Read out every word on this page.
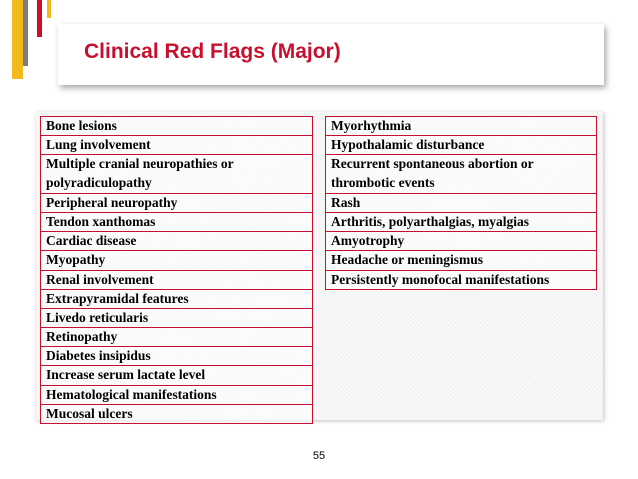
Clinical Red Flags (Major)
Bone lesions
Lung involvement
Multiple cranial neuropathies or
polyradiculopathy
Peripheral neuropathy
Tendon xanthomas
Cardiac disease
Myopathy
Renal involvement
Extrapyramidal features
Livedo reticularis
Retinopathy
Diabetes insipidus
Increase serum lactate level
Hematological manifestations
Mucosal ulcers
Myorhythmia
Hypothalamic disturbance
Recurrent spontaneous abortion or
thrombotic events
Rash
Arthritis, polyarthalgias, myalgias
Amyotrophy
Headache or meningismus
Persistently monofocal manifestations
55
